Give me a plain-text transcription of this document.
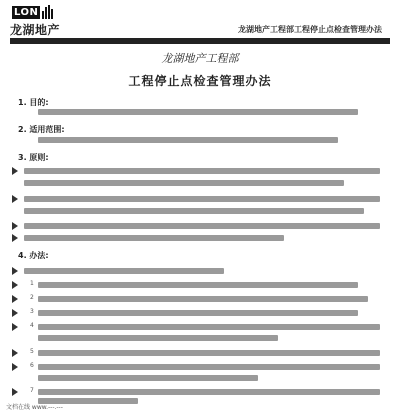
LON
龙湖地产	龙湖地产工程部工程停止点检查管理办法
龙湖地产工程部
工程停止点检查管理办法
1. 目的:
2. 适用范围:
3. 原则:
4. 办法:
1
2
3
4
5
6
7
文档在线 www.---.---
